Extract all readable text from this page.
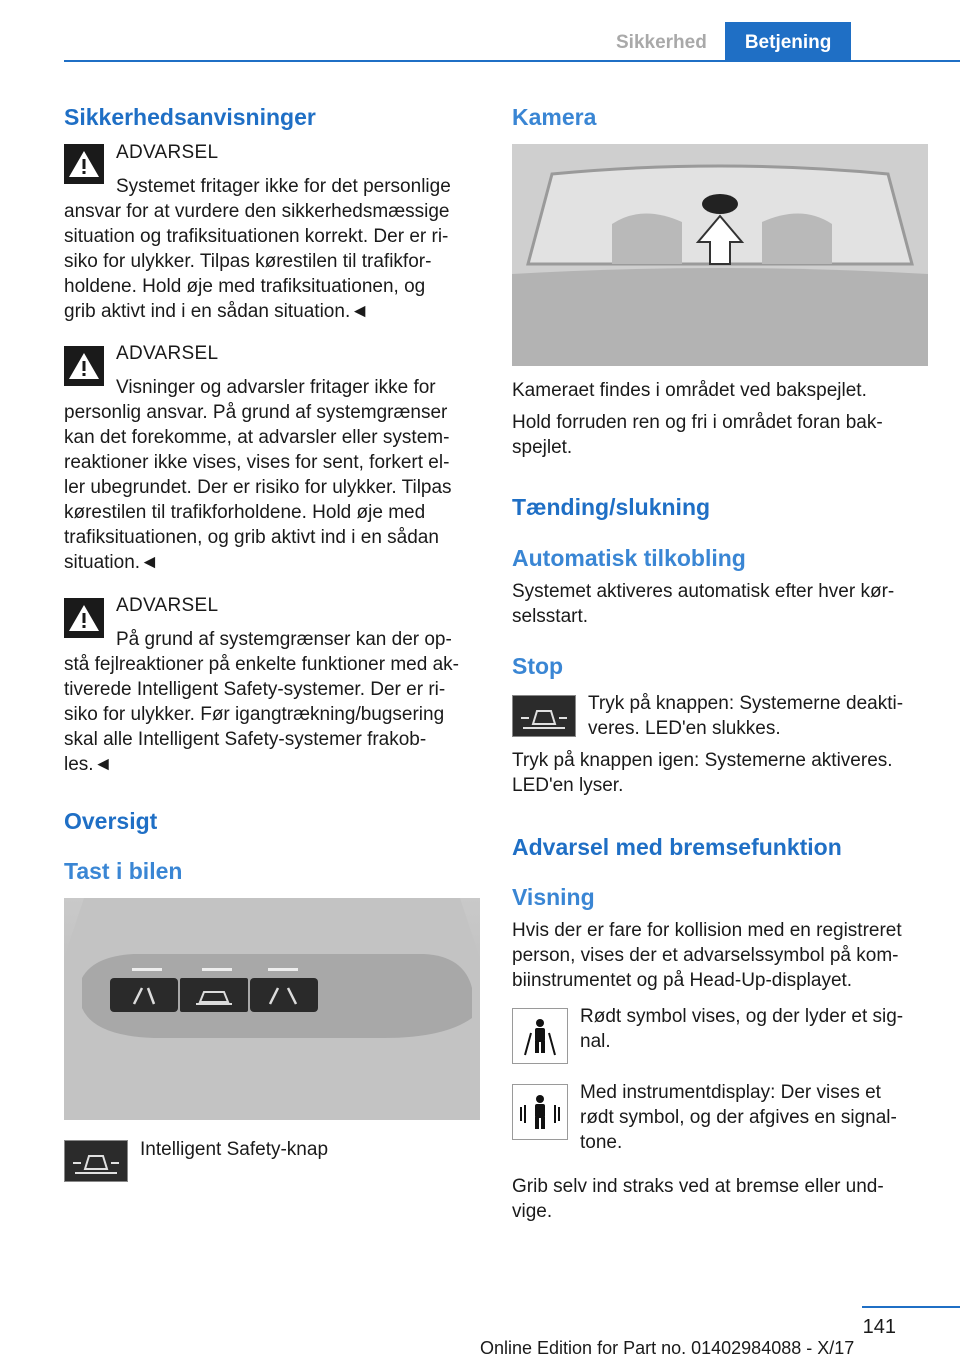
Sikkerhed	Betjening
Sikkerhedsanvisninger
ADVARSEL
Systemet fritager ikke for det personlige
ansvar for at vurdere den sikkerhedsmæssige
situation og trafiksituationen korrekt. Der er ri-
siko for ulykker. Tilpas kørestilen til trafikfor-
holdene. Hold øje med trafiksituationen, og
grib aktivt ind i en sådan situation.◄
ADVARSEL
Visninger og advarsler fritager ikke for
personlig ansvar. På grund af systemgrænser
kan det forekomme, at advarsler eller system-
reaktioner ikke vises, vises for sent, forkert el-
ler ubegrundet. Der er risiko for ulykker. Tilpas
kørestilen til trafikforholdene. Hold øje med
trafiksituationen, og grib aktivt ind i en sådan
situation.◄
ADVARSEL
På grund af systemgrænser kan der op-
stå fejlreaktioner på enkelte funktioner med ak-
tiverede Intelligent Safety-systemer. Der er ri-
siko for ulykker. Før igangtrækning/bugsering
skal alle Intelligent Safety-systemer frakob-
les.◄
Oversigt
Tast i bilen
Intelligent Safety-knap
Kamera
Kameraet findes i området ved bakspejlet.
Hold forruden ren og fri i området foran bak-
spejlet.
Tænding/slukning
Automatisk tilkobling
Systemet aktiveres automatisk efter hver kør-
selsstart.
Stop
Tryk på knappen: Systemerne deakti-
veres. LED'en slukkes.
Tryk på knappen igen: Systemerne aktiveres.
LED'en lyser.
Advarsel med bremsefunktion
Visning
Hvis der er fare for kollision med en registreret
person, vises der et advarselssymbol på kom-
biinstrumentet og på Head-Up-displayet.
Rødt symbol vises, og der lyder et sig-
nal.
Med instrumentdisplay: Der vises et
rødt symbol, og der afgives en signal-
tone.
Grib selv ind straks ved at bremse eller und-
vige.
141
Online Edition for Part no. 01402984088 - X/17
